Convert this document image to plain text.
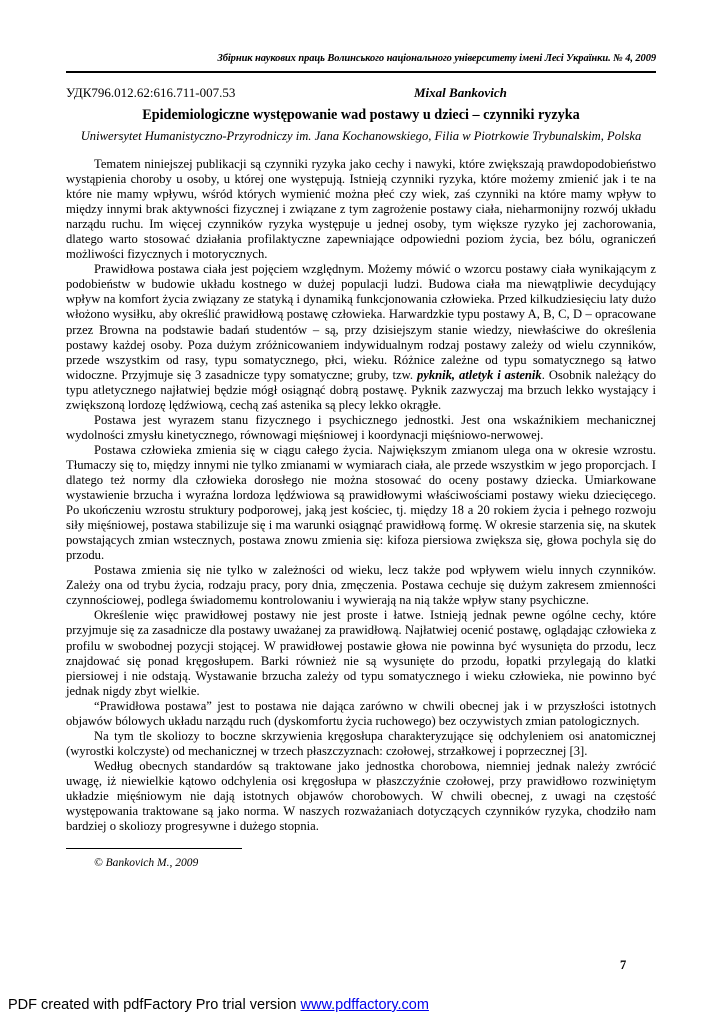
Збірник наукових праць Волинського національного університету імені Лесі Українки. № 4, 2009
УДК796.012.62:616.711-007.53	Mixal Bankovich
Epidemiologiczne występowanie wad postawy u dzieci – czynniki ryzyka
Uniwersytet Humanistyczno-Przyrodniczy im. Jana Kochanowskiego, Filia w Piotrkowie Trybunalskim, Polska

Tematem niniejszej publikacji są czynniki ryzyka jako cechy i nawyki, które zwiększają prawdopodobieństwo wystąpienia choroby u osoby, u której one występują. Istnieją czynniki ryzyka, które możemy zmienić jak i te na które nie mamy wpływu, wśród których wymienić można płeć czy wiek, zaś czynniki na które mamy wpływ to między innymi brak aktywności fizycznej i związane z tym zagrożenie postawy ciała, nieharmonijny rozwój układu narządu ruchu. Im więcej czynników ryzyka występuje u jednej osoby, tym większe ryzyko jej zachorowania, dlatego warto stosować działania profilaktyczne zapewniające odpowiedni poziom życia, bez bólu, ograniczeń możliwości fizycznych i motorycznych.

Prawidłowa postawa ciała jest pojęciem względnym. Możemy mówić o wzorcu postawy ciała wynikającym z podobieństw w budowie układu kostnego w dużej populacji ludzi. Budowa ciała ma niewątpliwie decydujący wpływ na komfort życia związany ze statyką i dynamiką funkcjonowania człowieka. Przed kilkudziesięciu laty dużo włożono wysiłku, aby określić prawidłową postawę człowieka. Harwardzkie typu postawy A, B, C, D – opracowane przez Browna na podstawie badań studentów – są, przy dzisiejszym stanie wiedzy, niewłaściwe do określenia postawy każdej osoby. Poza dużym zróżnicowaniem indywidualnym rodzaj postawy zależy od wielu czynników, przede wszystkim od rasy, typu somatycznego, płci, wieku. Różnice zależne od typu somatycznego są łatwo widoczne. Przyjmuje się 3 zasadnicze typy somatyczne; gruby, tzw. pyknik, atletyk i astenik. Osobnik należący do typu atletycznego najłatwiej będzie mógł osiągnąć dobrą postawę. Pyknik zazwyczaj ma brzuch lekko wystający i zwiększoną lordozę lędźwiową, cechą zaś astenika są plecy lekko okrągłe.

Postawa jest wyrazem stanu fizycznego i psychicznego jednostki. Jest ona wskaźnikiem mechanicznej wydolności zmysłu kinetycznego, równowagi mięśniowej i koordynacji mięśniowo-nerwowej.

Postawa człowieka zmienia się w ciągu całego życia. Największym zmianom ulega ona w okresie wzrostu. Tłumaczy się to, między innymi nie tylko zmianami w wymiarach ciała, ale przede wszystkim w jego proporcjach. I dlatego też normy dla człowieka dorosłego nie można stosować do oceny postawy dziecka. Umiarkowane wystawienie brzucha i wyraźna lordoza lędźwiowa są prawidłowymi właściwościami postawy wieku dziecięcego. Po ukończeniu wzrostu struktury podporowej, jaką jest kościec, tj. między 18 a 20 rokiem życia i pełnego rozwoju siły mięśniowej, postawa stabilizuje się i ma warunki osiągnąć prawidłową formę. W okresie starzenia się, na skutek powstających zmian wstecznych, postawa znowu zmienia się: kifoza piersiowa zwiększa się, głowa pochyla się do przodu.

Postawa zmienia się nie tylko w zależności od wieku, lecz także pod wpływem wielu innych czynników. Zależy ona od trybu życia, rodzaju pracy, pory dnia, zmęczenia. Postawa cechuje się dużym zakresem zmienności czynnościowej, podlega świadomemu kontrolowaniu i wywierają na nią także wpływ stany psychiczne.

Określenie więc prawidłowej postawy nie jest proste i łatwe. Istnieją jednak pewne ogólne cechy, które przyjmuje się za zasadnicze dla postawy uważanej za prawidłową. Najłatwiej ocenić postawę, oglądając człowieka z profilu w swobodnej pozycji stojącej. W prawidłowej postawie głowa nie powinna być wysunięta do przodu, lecz znajdować się ponad kręgosłupem. Barki również nie są wysunięte do przodu, łopatki przylegają do klatki piersiowej i nie odstają. Wystawanie brzucha zależy od typu somatycznego i wieku człowieka, nie powinno być jednak nigdy zbyt wielkie.

“Prawidłowa postawa” jest to postawa nie dająca zarówno w chwili obecnej jak i w przyszłości istotnych objawów bólowych układu narządu ruch (dyskomfortu życia ruchowego) bez oczywistych zmian patologicznych.

Na tym tle skoliozy to boczne skrzywienia kręgosłupa charakteryzujące się odchyleniem osi anatomicznej (wyrostki kolczyste) od mechanicznej w trzech płaszczyznach: czołowej, strzałkowej i poprzecznej [3].

Według obecnych standardów są traktowane jako jednostka chorobowa, niemniej jednak należy zwrócić uwagę, iż niewielkie kątowo odchylenia osi kręgosłupa w płaszczyźnie czołowej, przy prawidłowo rozwiniętym układzie mięśniowym nie dają istotnych objawów chorobowych. W chwili obecnej, z uwagi na częstość występowania traktowane są jako norma. W naszych rozważaniach dotyczących czynników ryzyka, chodziło nam bardziej o skoliozy progresywne i dużego stopnia.

© Bankovich M., 2009
7
PDF created with pdfFactory Pro trial version www.pdffactory.com
